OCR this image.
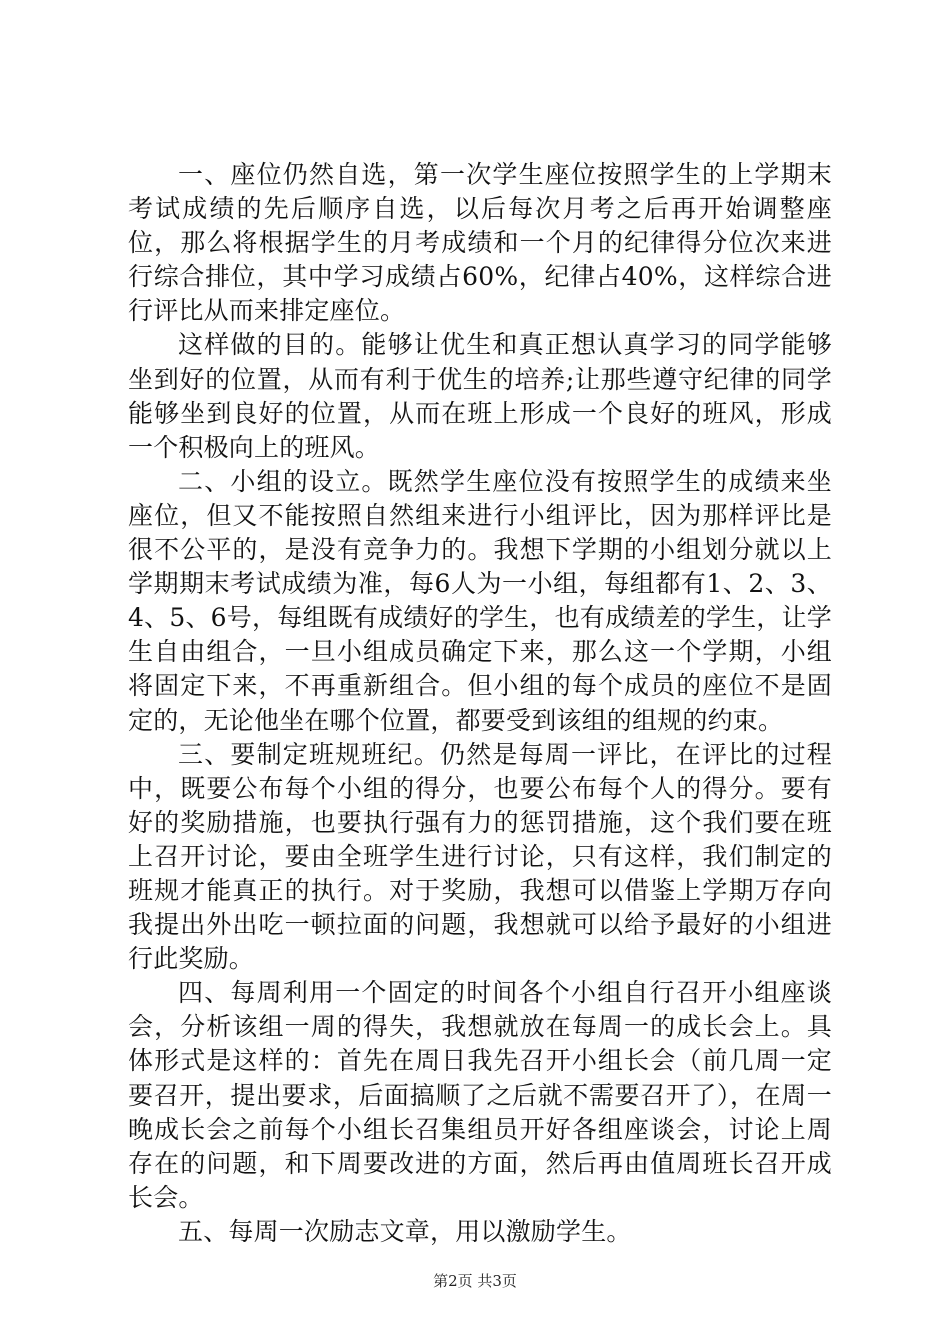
一、座位仍然自选，第一次学生座位按照学生的上学期末考试成绩的先后顺序自选，以后每次月考之后再开始调整座位，那么将根据学生的月考成绩和一个月的纪律得分位次来进行综合排位，其中学习成绩占60%，纪律占40%，这样综合进行评比从而来排定座位。

这样做的目的。能够让优生和真正想认真学习的同学能够坐到好的位置，从而有利于优生的培养;让那些遵守纪律的同学能够坐到良好的位置，从而在班上形成一个良好的班风，形成一个积极向上的班风。

二、小组的设立。既然学生座位没有按照学生的成绩来坐座位，但又不能按照自然组来进行小组评比，因为那样评比是很不公平的，是没有竞争力的。我想下学期的小组划分就以上学期期末考试成绩为准，每6人为一小组，每组都有1、2、3、4、5、6号，每组既有成绩好的学生，也有成绩差的学生，让学生自由组合，一旦小组成员确定下来，那么这一个学期，小组将固定下来，不再重新组合。但小组的每个成员的座位不是固定的，无论他坐在哪个位置，都要受到该组的组规的约束。

三、要制定班规班纪。仍然是每周一评比，在评比的过程中，既要公布每个小组的得分，也要公布每个人的得分。要有好的奖励措施，也要执行强有力的惩罚措施，这个我们要在班上召开讨论，要由全班学生进行讨论，只有这样，我们制定的班规才能真正的执行。对于奖励，我想可以借鉴上学期万存向我提出外出吃一顿拉面的问题，我想就可以给予最好的小组进行此奖励。

四、每周利用一个固定的时间各个小组自行召开小组座谈会，分析该组一周的得失，我想就放在每周一的成长会上。具体形式是这样的：首先在周日我先召开小组长会（前几周一定要召开，提出要求，后面搞顺了之后就不需要召开了），在周一晚成长会之前每个小组长召集组员开好各组座谈会，讨论上周存在的问题，和下周要改进的方面，然后再由值周班长召开成长会。

五、每周一次励志文章，用以激励学生。

第2页 共3页
